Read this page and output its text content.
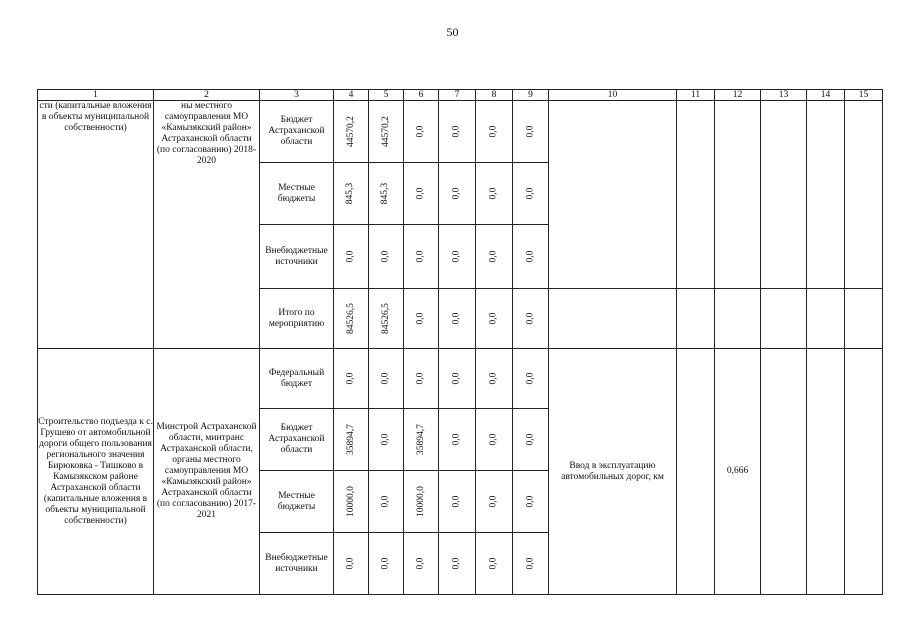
50
1	2	3	4	5	6	7	8	9	10	11	12	13	14	15
сти (капитальные вложения в объекты муниципальной собственности)	ны местного самоуправления МО «Камызякский район» Астраханской области (по согласованию) 2018-2020	Бюджет Астраханской области	44570,2	44570,2	0,0	0,0	0,0	0,0						
		Местные бюджеты	845,3	845,3	0,0	0,0	0,0	0,0						
		Внебюджетные источники	0,0	0,0	0,0	0,0	0,0	0,0						
		Итого по мероприятию	84526,5	84526,5	0,0	0,0	0,0	0,0						
Строительство подъезда к с. Грушево от автомобильной дороги общего пользования регионального значения Бирюковка - Тишково в Камызякском районе Астраханской области (капитальные вложения в объекты муниципальной собственности)	Минстрой Астраханской области, минтранс Астраханской области, органы местного самоуправления МО «Камызякский район» Астраханской области (по согласованию) 2017-2021	Федеральный бюджет	0,0	0,0	0,0	0,0	0,0	0,0	Ввод в эксплуатацию автомобильных дорог, км		0,666			
		Бюджет Астраханской области	35894,7	0,0	35894,7	0,0	0,0	0,0						
		Местные бюджеты	10000,0	0,0	10000,0	0,0	0,0	0,0						
		Внебюджетные источники	0,0	0,0	0,0	0,0	0,0	0,0						
